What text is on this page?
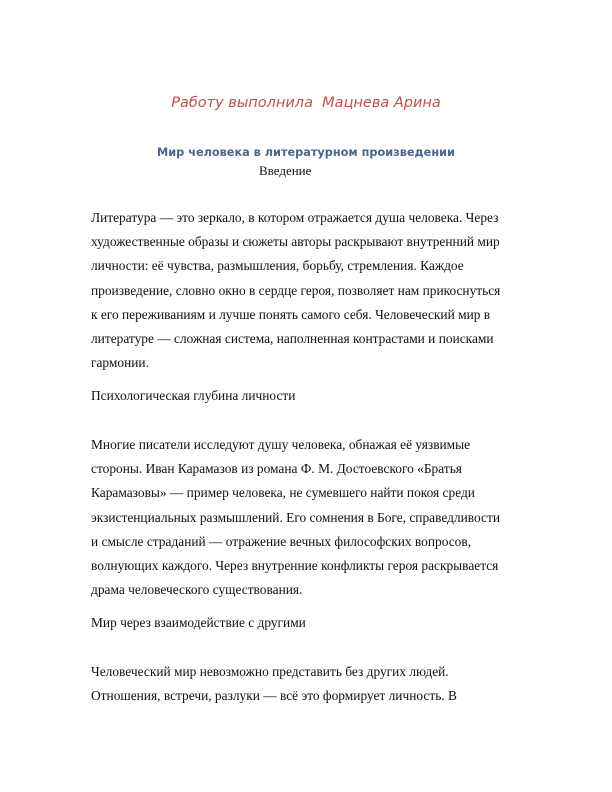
Работу выполнила  Мацнева Арина
Мир человека в литературном произведении
Введение
Литература — это зеркало, в котором отражается душа человека. Через
художественные образы и сюжеты авторы раскрывают внутренний мир
личности: её чувства, размышления, борьбу, стремления. Каждое
произведение, словно окно в сердце героя, позволяет нам прикоснуться
к его переживаниям и лучше понять самого себя. Человеческий мир в
литературе — сложная система, наполненная контрастами и поисками
гармонии.
Психологическая глубина личности
Многие писатели исследуют душу человека, обнажая её уязвимые
стороны. Иван Карамазов из романа Ф. М. Достоевского «Братья
Карамазовы» — пример человека, не сумевшего найти покоя среди
экзистенциальных размышлений. Его сомнения в Боге, справедливости
и смысле страданий — отражение вечных философских вопросов,
волнующих каждого. Через внутренние конфликты героя раскрывается
драма человеческого существования.
Мир через взаимодействие с другими
Человеческий мир невозможно представить без других людей.
Отношения, встречи, разлуки — всё это формирует личность. В
